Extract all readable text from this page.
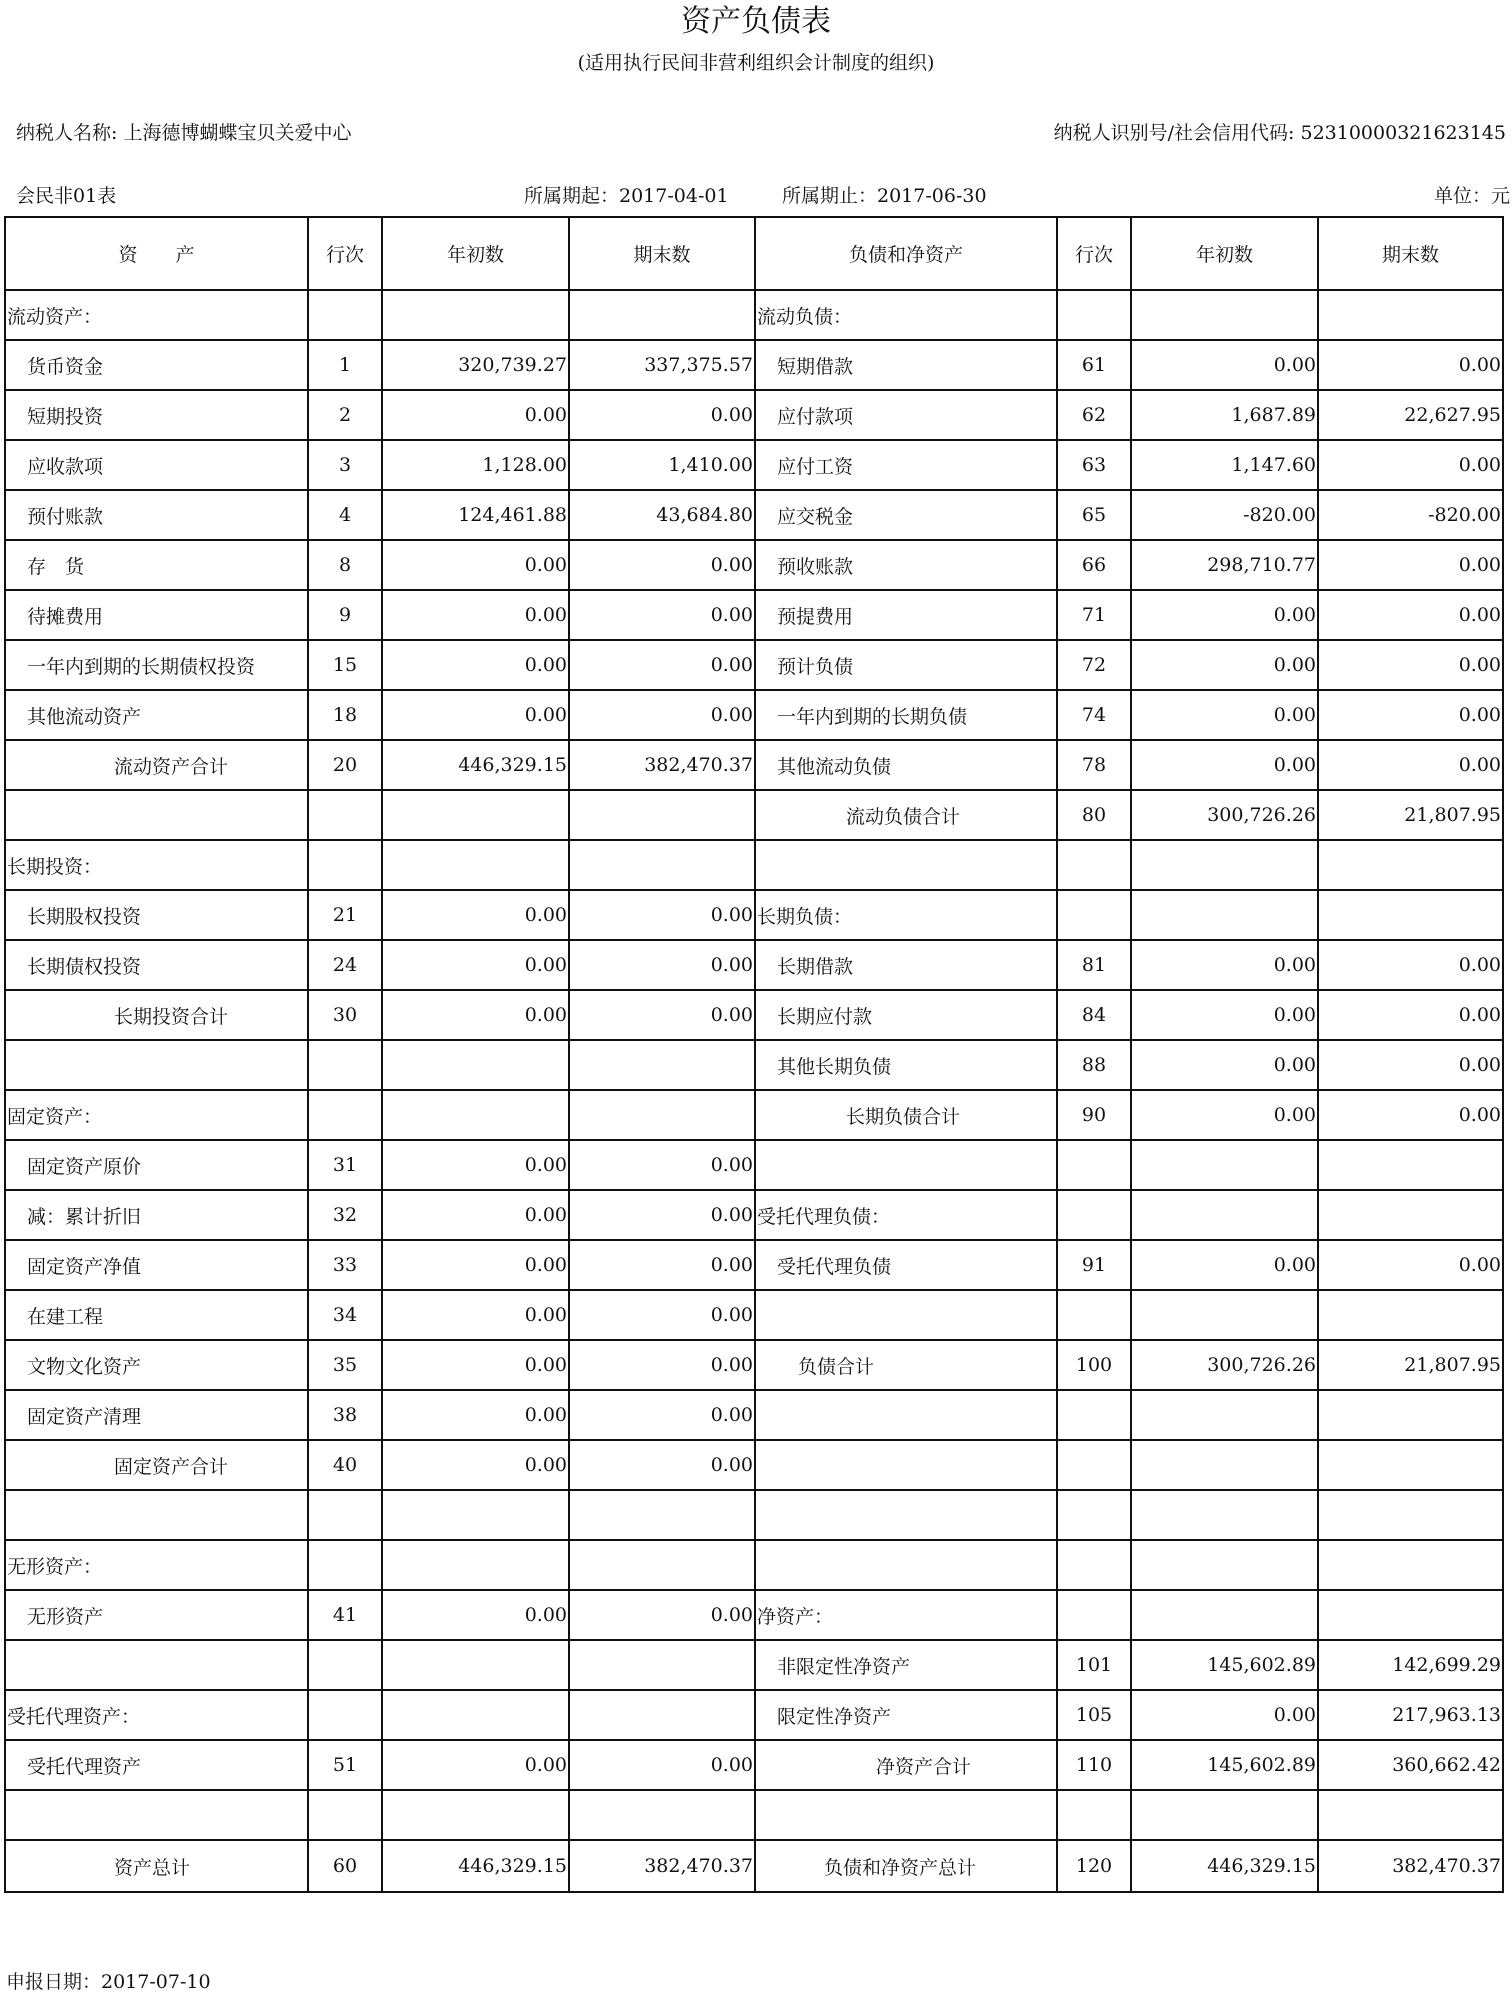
资产负债表
(适用执行民间非营利组织会计制度的组织)
纳税人名称: 上海德博蝴蝶宝贝关爱中心	纳税人识别号/社会信用代码: 52310000321623145
会民非01表	所属期起：2017-04-01	所属期止：2017-06-30	单位：元
资　　产	行次	年初数	期末数	负债和净资产	行次	年初数	期末数
流动资产：				流动负债：			
货币资金	1	320,739.27	337,375.57	短期借款	61	0.00	0.00
短期投资	2	0.00	0.00	应付款项	62	1,687.89	22,627.95
应收款项	3	1,128.00	1,410.00	应付工资	63	1,147.60	0.00
预付账款	4	124,461.88	43,684.80	应交税金	65	-820.00	-820.00
存　货	8	0.00	0.00	预收账款	66	298,710.77	0.00
待摊费用	9	0.00	0.00	预提费用	71	0.00	0.00
一年内到期的长期债权投资	15	0.00	0.00	预计负债	72	0.00	0.00
其他流动资产	18	0.00	0.00	一年内到期的长期负债	74	0.00	0.00
流动资产合计	20	446,329.15	382,470.37	其他流动负债	78	0.00	0.00
				流动负债合计	80	300,726.26	21,807.95
长期投资：							
长期股权投资	21	0.00	0.00	长期负债：			
长期债权投资	24	0.00	0.00	长期借款	81	0.00	0.00
长期投资合计	30	0.00	0.00	长期应付款	84	0.00	0.00
				其他长期负债	88	0.00	0.00
固定资产：				长期负债合计	90	0.00	0.00
固定资产原价	31	0.00	0.00				
减：累计折旧	32	0.00	0.00	受托代理负债：			
固定资产净值	33	0.00	0.00	受托代理负债	91	0.00	0.00
在建工程	34	0.00	0.00				
文物文化资产	35	0.00	0.00	负债合计	100	300,726.26	21,807.95
固定资产清理	38	0.00	0.00				
固定资产合计	40	0.00	0.00				

无形资产：							
无形资产	41	0.00	0.00	净资产：			
				非限定性净资产	101	145,602.89	142,699.29
受托代理资产：				限定性净资产	105	0.00	217,963.13
受托代理资产	51	0.00	0.00	净资产合计	110	145,602.89	360,662.42

资产总计	60	446,329.15	382,470.37	负债和净资产总计	120	446,329.15	382,470.37
申报日期：2017-07-10
